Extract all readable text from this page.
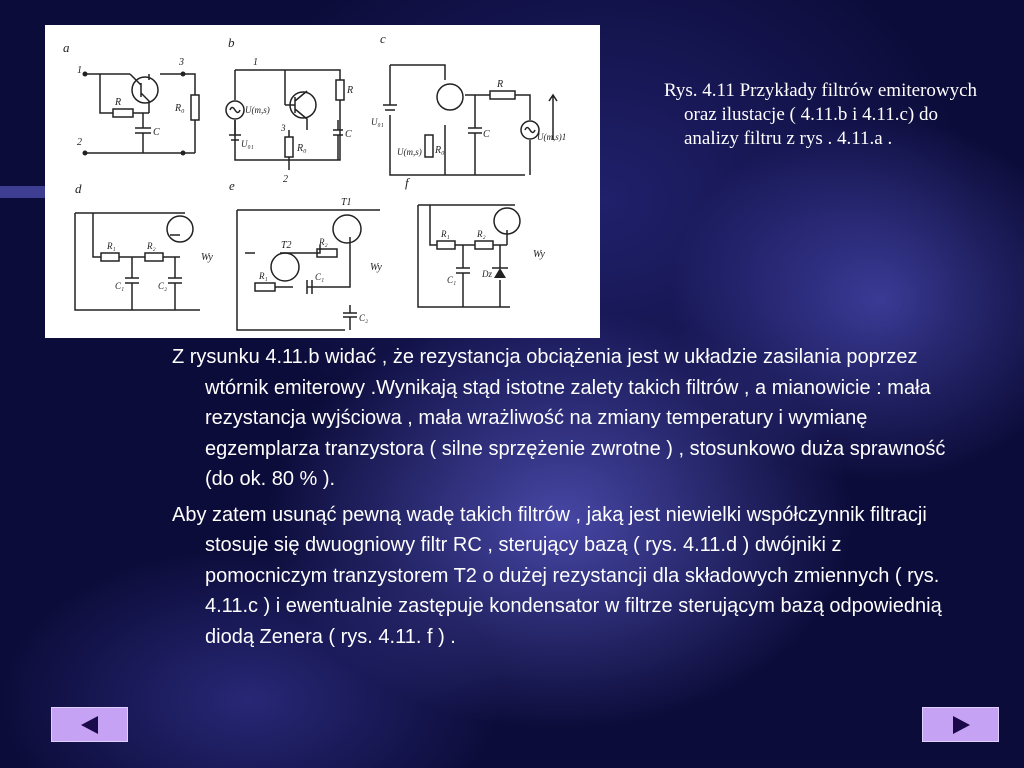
a
1
3
2
R
C
R₀
b
1
U(m,s)
R
C
3
R₀
2
U₀₁
c
U₀₁
R
C
R₀
U(m,s)
U(m,s)1
d
R₁	R₂
C₁	C₂
Wy
e
T1
T2	R₂
R₁	C₁
C₂
Wy
f
R₁	R₂
C₁
Dz
Wy
Rys. 4.11 Przykłady filtrów emiterowych oraz ilustacje ( 4.11.b i 4.11.c) do analizy filtru z rys . 4.11.a .

Z rysunku 4.11.b widać , że rezystancja obciążenia jest w układzie zasilania poprzez wtórnik emiterowy .Wynikają stąd istotne zalety takich filtrów , a mianowicie : mała rezystancja wyjściowa , mała wrażliwość na zmiany temperatury i wymianę egzemplarza tranzystora ( silne sprzężenie zwrotne ) , stosunkowo duża sprawność (do ok. 80 % ).

Aby zatem usunąć pewną wadę takich filtrów , jaką jest niewielki współczynnik filtracji stosuje się dwuogniowy filtr RC , sterujący bazą ( rys. 4.11.d ) dwójniki z pomocniczym tranzystorem T2 o dużej rezystancji dla składowych zmiennych ( rys. 4.11.c ) i ewentualnie zastępuje kondensator w filtrze sterującym bazą odpowiednią diodą Zenera ( rys. 4.11. f ) .
